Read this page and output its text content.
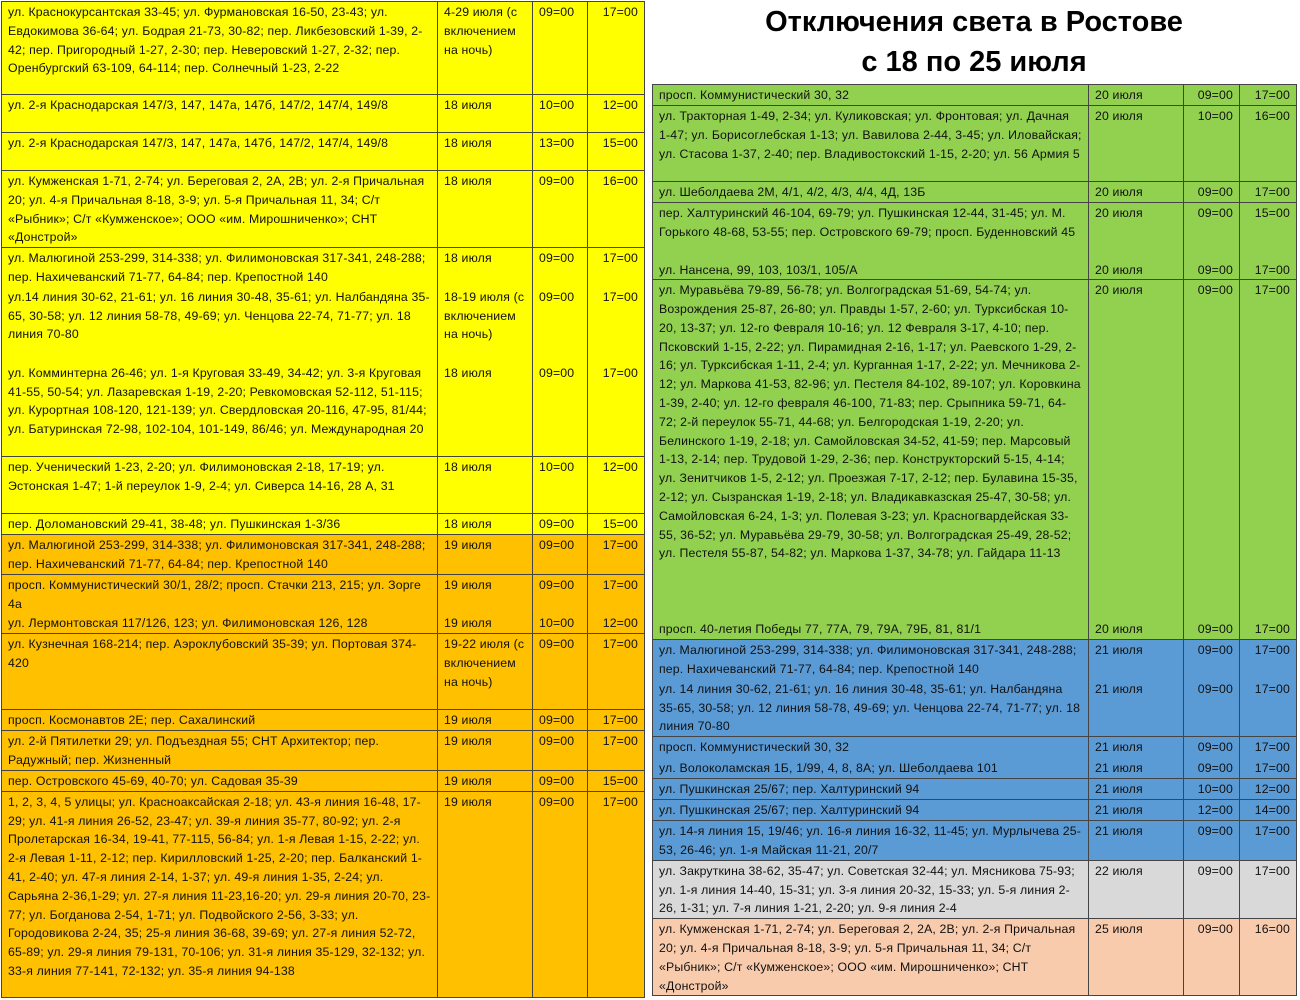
Отключения света в Ростове
с 18 по 25 июля
ул. Краснокурсантская 33-45; ул. Фурмановская 16-50, 23-43; ул. Евдокимова 36-64; ул. Бодрая 21-73, 30-82; пер. Ликбезовский 1-39, 2-42; пер. Пригородный 1-27, 2-30; пер. Неверовский 1-27, 2-32; пер. Оренбургский 63-109, 64-114; пер. Солнечный 1-23, 2-22	4-29 июля (с включением на ночь)	09=00	17=00
ул. 2-я Краснодарская 147/3, 147, 147а, 147б, 147/2, 147/4, 149/8	18 июля	10=00	12=00
ул. 2-я Краснодарская 147/3, 147, 147а, 147б, 147/2, 147/4, 149/8	18 июля	13=00	15=00
ул. Кумженская 1-71, 2-74; ул. Береговая 2, 2А, 2В; ул. 2-я Причальная 20; ул. 4-я Причальная 8-18, 3-9; ул. 5-я Причальная 11, 34; С/т «Рыбник»; С/т «Кумженское»; ООО «им. Мирошниченко»; СНТ «Донстрой»	18 июля	09=00	16=00
ул. Малюгиной 253-299, 314-338; ул. Филимоновская 317-341, 248-288; пер. Нахичеванский 71-77, 64-84; пер. Крепостной 140	18 июля	09=00	17=00
ул.14 линия 30-62, 21-61; ул. 16 линия 30-48, 35-61; ул. Налбандяна 35-65, 30-58; ул. 12 линия 58-78, 49-69; ул. Ченцова 22-74, 71-77; ул. 18 линия 70-80	18-19 июля (с включением на ночь)	09=00	17=00
ул. Комминтерна 26-46; ул. 1-я Круговая 33-49, 34-42; ул. 3-я Круговая 41-55, 50-54; ул. Лазаревская 1-19, 2-20; Ревкомовская 52-112, 51-115; ул. Курортная 108-120, 121-139; ул. Свердловская 20-116, 47-95, 81/44; ул. Батуринская 72-98, 102-104, 101-149, 86/46; ул. Международная 20	18 июля	09=00	17=00
пер. Ученический 1-23, 2-20; ул. Филимоновская 2-18, 17-19; ул. Эстонская 1-47; 1-й переулок 1-9, 2-4; ул. Сиверса 14-16, 28 А, 31	18 июля	10=00	12=00
пер. Доломановский 29-41, 38-48; ул. Пушкинская 1-3/36	18 июля	09=00	15=00
ул. Малюгиной 253-299, 314-338; ул. Филимоновская 317-341, 248-288; пер. Нахичеванский 71-77, 64-84; пер. Крепостной 140	19 июля	09=00	17=00
просп. Коммунистический 30/1, 28/2; просп. Стачки 213, 215; ул. Зорге 4а	19 июля	09=00	17=00
ул. Лермонтовская 117/126, 123; ул. Филимоновская 126, 128	19 июля	10=00	12=00
ул. Кузнечная 168-214; пер. Аэроклубовский 35-39; ул. Портовая 374-420	19-22 июля (с включением на ночь)	09=00	17=00
просп. Космонавтов 2Е; пер. Сахалинский	19 июля	09=00	17=00
ул. 2-й Пятилетки 29; ул. Подъездная 55; СНТ Архитектор; пер. Радужный; пер. Жизненный	19 июля	09=00	17=00
пер. Островского 45-69, 40-70; ул. Садовая 35-39	19 июля	09=00	15=00
1, 2, 3, 4, 5 улицы; ул. Красноаксайская 2-18; ул. 43-я линия 16-48, 17-29; ул. 41-я линия 26-52, 23-47; ул. 39-я линия 35-77, 80-92; ул. 2-я Пролетарская 16-34, 19-41, 77-115, 56-84; ул. 1-я Левая 1-15, 2-22; ул. 2-я Левая 1-11, 2-12; пер. Кирилловский 1-25, 2-20; пер. Балканский 1-41, 2-40; ул. 47-я линия 2-14, 1-37; ул. 49-я линия 1-35, 2-24; ул. Сарьяна 2-36,1-29; ул. 27-я линия 11-23,16-20; ул. 29-я линия 20-70, 23-77; ул. Богданова 2-54, 1-71; ул. Подвойского 2-56, 3-33; ул. Городовикова 2-24, 35; 25-я линия 36-68, 39-69; ул. 27-я линия 52-72, 65-89; ул. 29-я линия 79-131, 70-106; ул. 31-я линия 35-129, 32-132; ул. 33-я линия 77-141, 72-132; ул. 35-я линия 94-138	19 июля	09=00	17=00
просп. Коммунистический 30, 32	20 июля	09=00	17=00
ул. Тракторная 1-49, 2-34; ул. Куликовская; ул. Фронтовая; ул. Дачная 1-47; ул. Борисоглебская 1-13; ул. Вавилова 2-44, 3-45; ул. Иловайская; ул. Стасова 1-37, 2-40; пер. Владивостокский 1-15, 2-20; ул. 56 Армия 5	20 июля	10=00	16=00
ул. Шеболдаева 2М, 4/1, 4/2, 4/3, 4/4, 4Д, 13Б	20 июля	09=00	17=00
пер. Халтуринский 46-104, 69-79; ул. Пушкинская 12-44, 31-45; ул. М. Горького 48-68, 53-55; пер. Островского 69-79; просп. Буденновский 45	20 июля	09=00	15=00
ул. Нансена, 99, 103, 103/1, 105/А	20 июля	09=00	17=00
ул. Муравьёва 79-89, 56-78; ул. Волгоградская 51-69, 54-74; ул. Возрождения 25-87, 26-80; ул. Правды 1-57, 2-60; ул. Турксибская 10-20, 13-37; ул. 12-го Февраля 10-16; ул. 12 Февраля 3-17, 4-10; пер. Псковский 1-15, 2-22; ул. Пирамидная 2-16, 1-17; ул. Раевского 1-29, 2-16; ул. Турксибская 1-11, 2-4; ул. Курганная 1-17, 2-22; ул. Мечникова 2-12; ул. Маркова 41-53, 82-96; ул. Пестеля 84-102, 89-107; ул. Коровкина 1-39, 2-40; ул. 12-го февраля 46-100, 71-83; пер. Срыпника 59-71, 64-72; 2-й переулок 55-71, 44-68; ул. Белгородская 1-19, 2-20; ул. Белинского 1-19, 2-18; ул. Самойловская 34-52, 41-59; пер. Марсовый 1-13, 2-14; пер. Трудовой 1-29, 2-36; пер. Конструкторский 5-15, 4-14; ул. Зенитчиков 1-5, 2-12; ул. Проезжая 7-17, 2-12; пер. Булавина 15-35, 2-12; ул. Сызранская 1-19, 2-18; ул. Владикавказская 25-47, 30-58; ул. Самойловская 6-24, 1-3; ул. Полевая 3-23; ул. Красногвардейская 33-55, 36-52; ул. Муравьёва 29-79, 30-58; ул. Волгоградская 25-49, 28-52; ул. Пестеля 55-87, 54-82; ул. Маркова 1-37, 34-78; ул. Гайдара 11-13	20 июля	09=00	17=00
просп. 40-летия Победы 77, 77А, 79, 79А, 79Б, 81, 81/1	20 июля	09=00	17=00
ул. Малюгиной 253-299, 314-338; ул. Филимоновская 317-341, 248-288; пер. Нахичеванский 71-77, 64-84; пер. Крепостной 140	21 июля	09=00	17=00
ул. 14 линия 30-62, 21-61; ул. 16 линия 30-48, 35-61; ул. Налбандяна 35-65, 30-58; ул. 12 линия 58-78, 49-69; ул. Ченцова 22-74, 71-77; ул. 18 линия 70-80	21 июля	09=00	17=00
просп. Коммунистический 30, 32	21 июля	09=00	17=00
ул. Волоколамская 1Б, 1/99, 4, 8, 8А; ул. Шеболдаева 101	21 июля	09=00	17=00
ул. Пушкинская 25/67; пер. Халтуринский 94	21 июля	10=00	12=00
ул. Пушкинская 25/67; пер. Халтуринский 94	21 июля	12=00	14=00
ул. 14-я линия 15, 19/46; ул. 16-я линия 16-32, 11-45; ул. Мурлычева 25-53, 26-46; ул. 1-я Майская 11-21, 20/7	21 июля	09=00	17=00
ул. Закруткина 38-62, 35-47; ул. Советская 32-44; ул. Мясникова 75-93; ул. 1-я линия 14-40, 15-31; ул. 3-я линия 20-32, 15-33; ул. 5-я линия 2-26, 1-31; ул. 7-я линия 1-21, 2-20; ул. 9-я линия 2-4	22 июля	09=00	17=00
ул. Кумженская 1-71, 2-74; ул. Береговая 2, 2А, 2В; ул. 2-я Причальная 20; ул. 4-я Причальная 8-18, 3-9; ул. 5-я Причальная 11, 34; С/т «Рыбник»; С/т «Кумженское»; ООО «им. Мирошниченко»; СНТ «Донстрой»	25 июля	09=00	16=00
